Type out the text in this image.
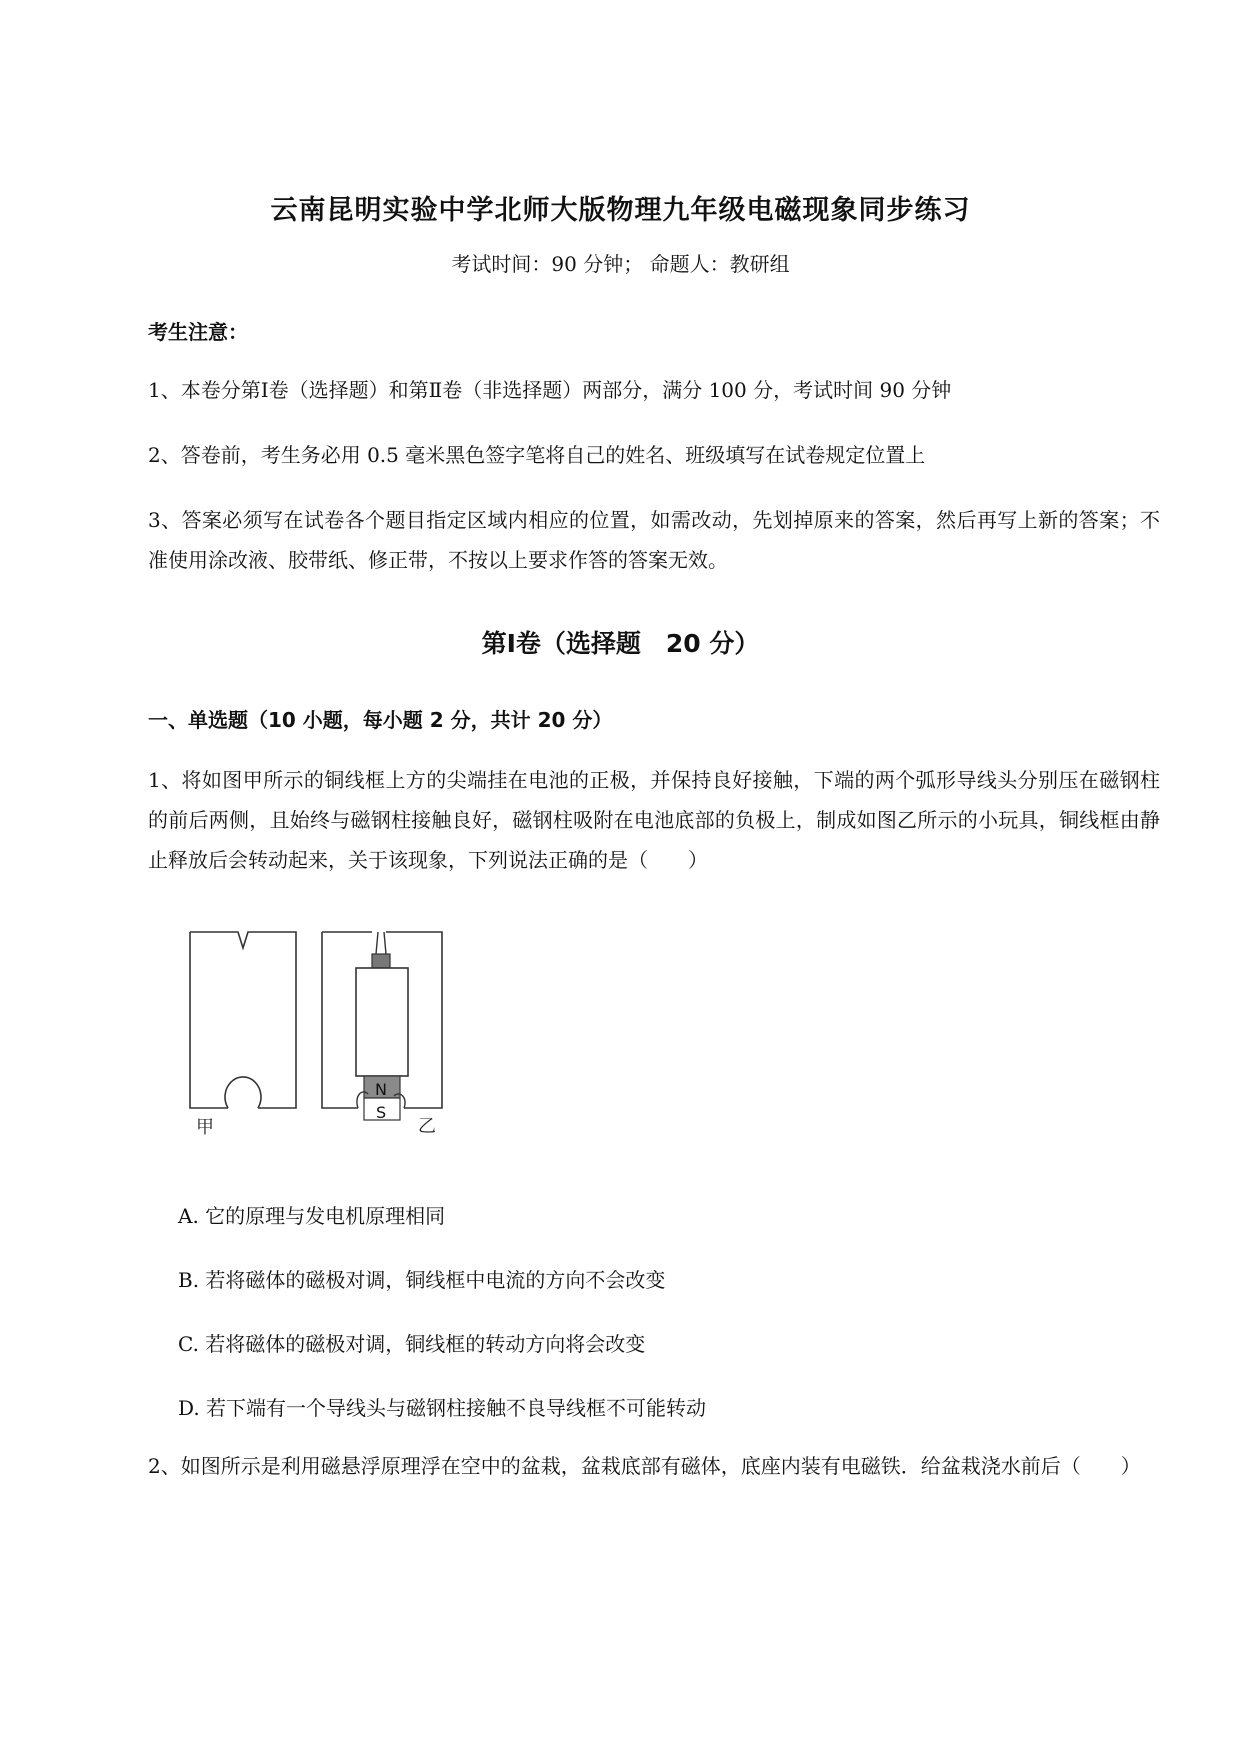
云南昆明实验中学北师大版物理九年级电磁现象同步练习
考试时间：90 分钟； 命题人：教研组
考生注意：
1、本卷分第Ⅰ卷（选择题）和第Ⅱ卷（非选择题）两部分，满分 100 分，考试时间 90 分钟
2、答卷前，考生务必用 0.5 毫米黑色签字笔将自己的姓名、班级填写在试卷规定位置上
3、答案必须写在试卷各个题目指定区域内相应的位置，如需改动，先划掉原来的答案，然后再写上新的答案；不准使用涂改液、胶带纸、修正带，不按以上要求作答的答案无效。
第Ⅰ卷（选择题　20 分）
一、单选题（10 小题，每小题 2 分，共计 20 分）
1、将如图甲所示的铜线框上方的尖端挂在电池的正极，并保持良好接触，下端的两个弧形导线头分别压在磁钢柱的前后两侧，且始终与磁钢柱接触良好，磁钢柱吸附在电池底部的负极上，制成如图乙所示的小玩具，铜线框由静止释放后会转动起来，关于该现象，下列说法正确的是（　　）
甲
N
S
乙
A. 它的原理与发电机原理相同
B. 若将磁体的磁极对调，铜线框中电流的方向不会改变
C. 若将磁体的磁极对调，铜线框的转动方向将会改变
D. 若下端有一个导线头与磁钢柱接触不良导线框不可能转动
2、如图所示是利用磁悬浮原理浮在空中的盆栽，盆栽底部有磁体，底座内装有电磁铁．给盆栽浇水前后（　　）
